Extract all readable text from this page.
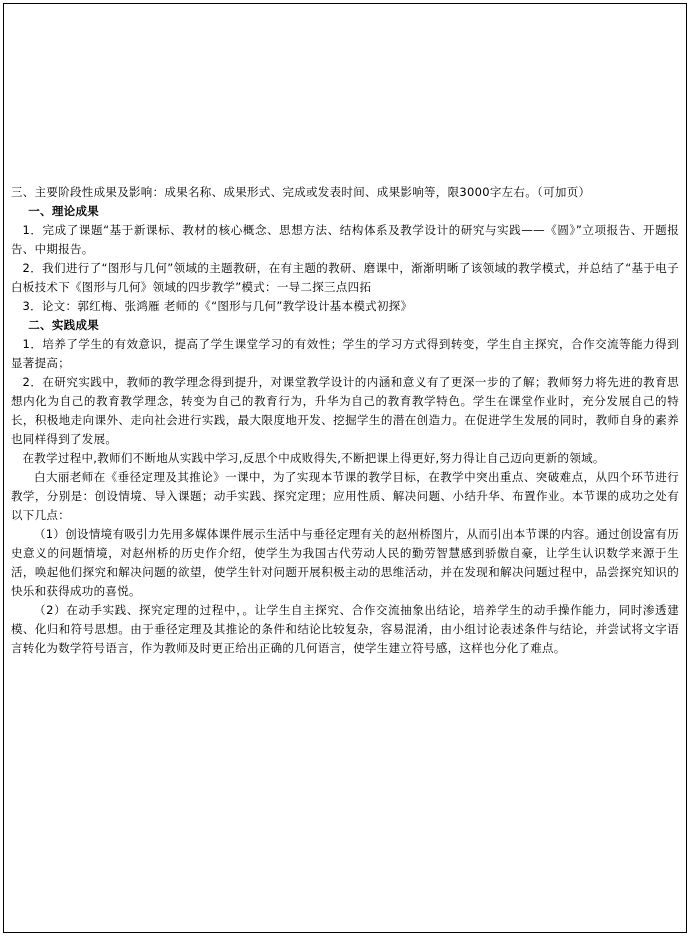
三、主要阶段性成果及影响：成果名称、成果形式、完成或发表时间、成果影响等，限3000字左右。（可加页）

一、理论成果

1．完成了课题“基于新课标、教材的核心概念、思想方法、结构体系及教学设计的研究与实践——《圆》”立项报告、开题报告、中期报告。

2．我们进行了“图形与几何”领域的主题教研，在有主题的教研、磨课中，渐渐明晰了该领域的教学模式，并总结了“基于电子白板技术下《图形与几何》领域的四步教学”模式：一导二探三点四拓

3．论文：郭红梅、张鸿雁 老师的《“图形与几何”教学设计基本模式初探》

二、实践成果

1．培养了学生的有效意识，提高了学生课堂学习的有效性；学生的学习方式得到转变，学生自主探究，合作交流等能力得到显著提高；

2．在研究实践中，教师的教学理念得到提升，对课堂教学设计的内涵和意义有了更深一步的了解；教师努力将先进的教育思想内化为自己的教育教学理念，转变为自己的教育行为，升华为自己的教育教学特色。学生在课堂作业时，充分发展自己的特长，积极地走向课外、走向社会进行实践，最大限度地开发、挖掘学生的潜在创造力。在促进学生发展的同时，教师自身的素养也同样得到了发展。

在教学过程中,教师们不断地从实践中学习,反思个中成败得失,不断把课上得更好,努力得让自己迈向更新的领域。

白大丽老师在《垂径定理及其推论》一课中，为了实现本节课的教学目标，在教学中突出重点、突破难点，从四个环节进行教学，分别是：创设情境、导入课题；动手实践、探究定理；应用性质、解决问题、小结升华、布置作业。本节课的成功之处有以下几点：

（1）创设情境有吸引力先用多媒体课件展示生活中与垂径定理有关的赵州桥图片，从而引出本节课的内容。通过创设富有历史意义的问题情境，对赵州桥的历史作介绍，使学生为我国古代劳动人民的勤劳智慧感到骄傲自豪，让学生认识数学来源于生活，唤起他们探究和解决问题的欲望，使学生针对问题开展积极主动的思维活动，并在发现和解决问题过程中，品尝探究知识的快乐和获得成功的喜悦。

（2）在动手实践、探究定理的过程中，。让学生自主探究、合作交流抽象出结论，培养学生的动手操作能力，同时渗透建模、化归和符号思想。由于垂径定理及其推论的条件和结论比较复杂，容易混淆，由小组讨论表述条件与结论，并尝试将文字语言转化为数学符号语言，作为教师及时更正给出正确的几何语言，使学生建立符号感，这样也分化了难点。
